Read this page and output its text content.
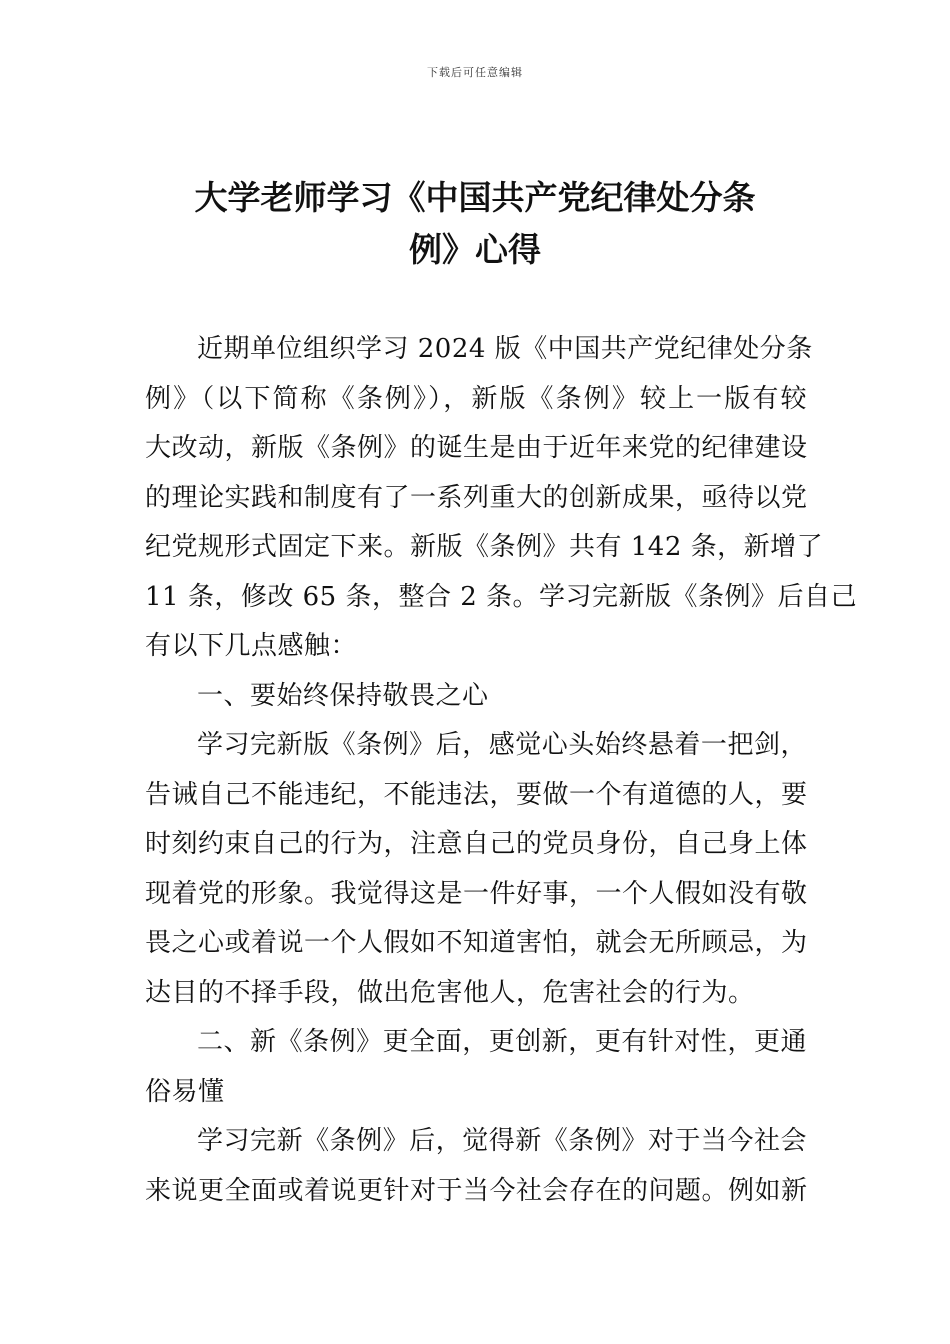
下载后可任意编辑
大学老师学习《中国共产党纪律处分条
例》心得

近期单位组织学习 2024 版《中国共产党纪律处分条
例》（以下简称《条例》），新版《条例》较上一版有较
大改动，新版《条例》的诞生是由于近年来党的纪律建设
的理论实践和制度有了一系列重大的创新成果，亟待以党
纪党规形式固定下来。新版《条例》共有 142 条，新增了
11 条，修改 65 条，整合 2 条。学习完新版《条例》后自己
有以下几点感触：

一、要始终保持敬畏之心

学习完新版《条例》后，感觉心头始终悬着一把剑，
告诫自己不能违纪，不能违法，要做一个有道德的人，要
时刻约束自己的行为，注意自己的党员身份，自己身上体
现着党的形象。我觉得这是一件好事，一个人假如没有敬
畏之心或着说一个人假如不知道害怕，就会无所顾忌，为
达目的不择手段，做出危害他人，危害社会的行为。

二、新《条例》更全面，更创新，更有针对性，更通
俗易懂

学习完新《条例》后，觉得新《条例》对于当今社会
来说更全面或着说更针对于当今社会存在的问题。例如新
